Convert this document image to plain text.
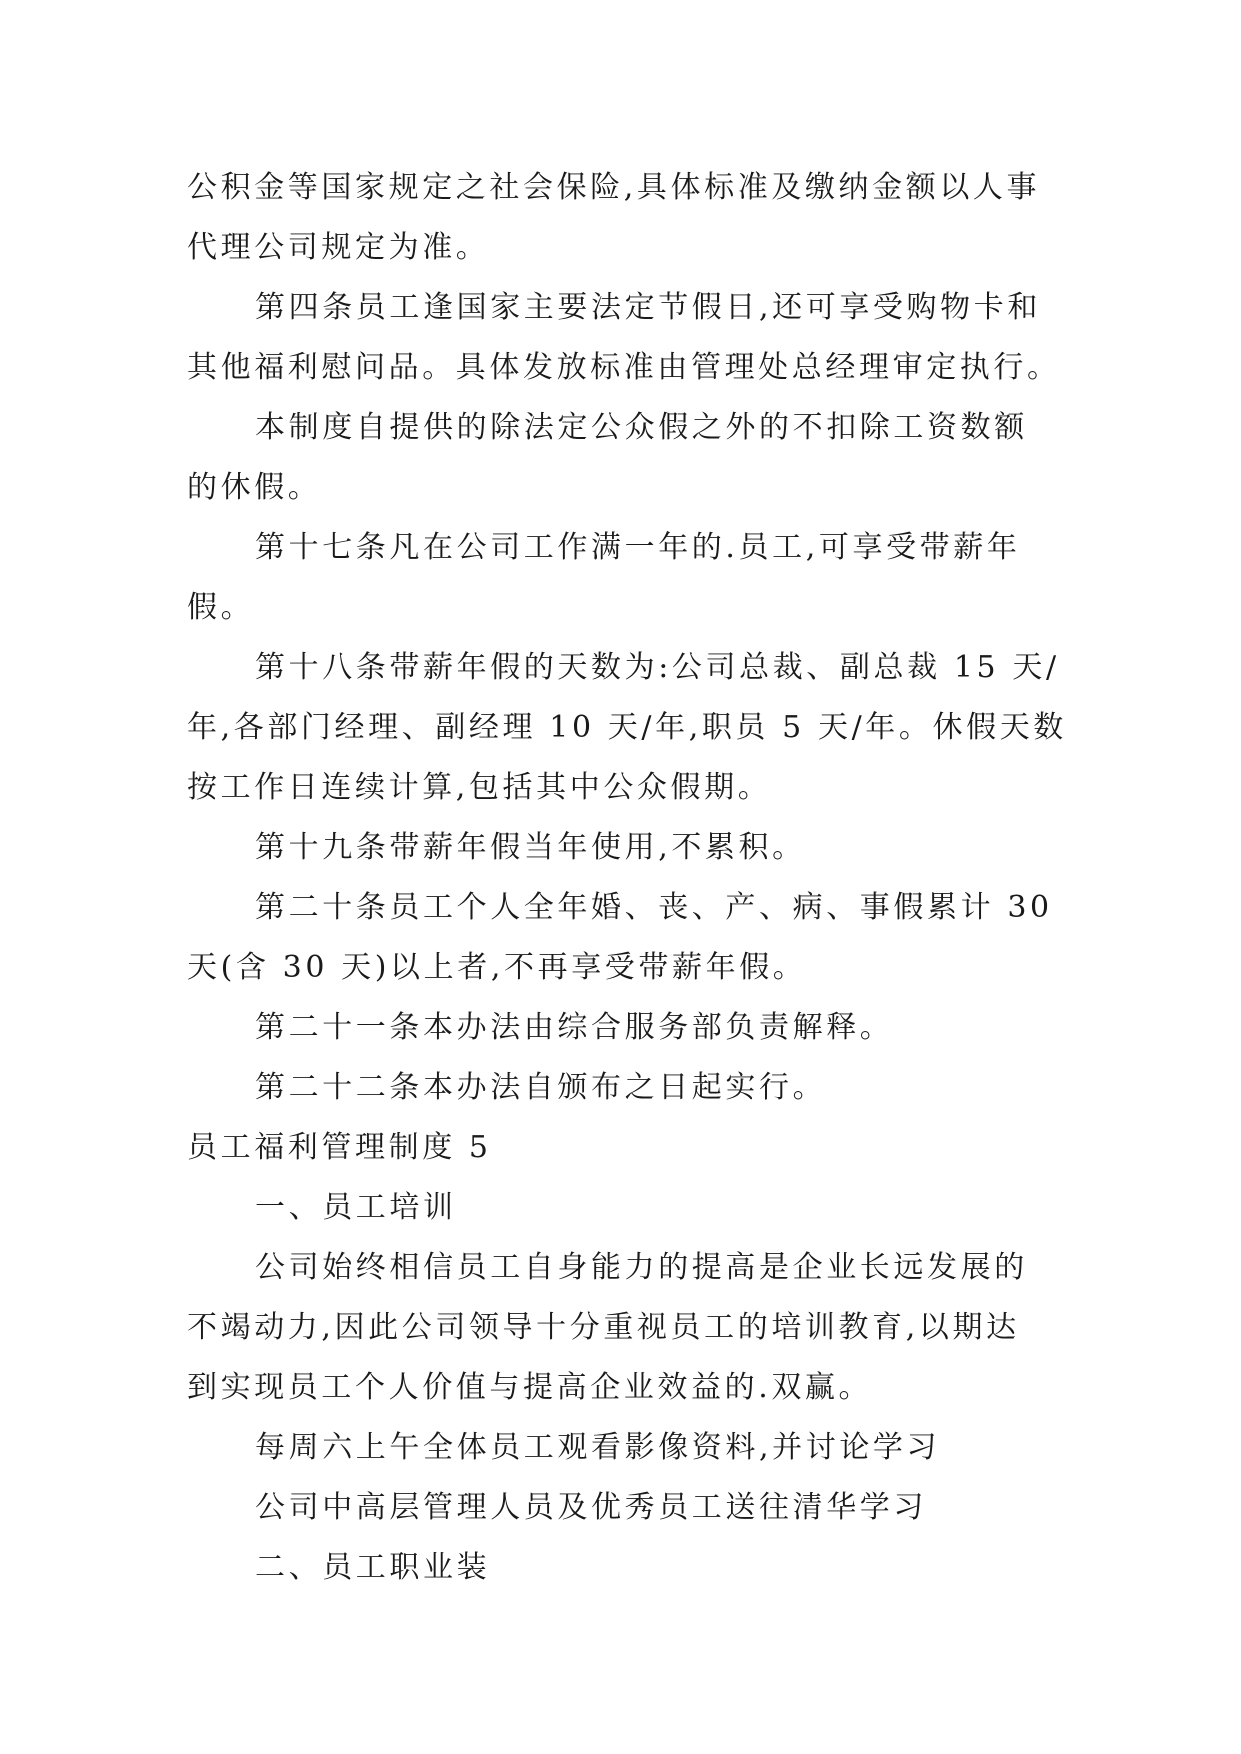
公积金等国家规定之社会保险,具体标准及缴纳金额以人事
代理公司规定为准。
第四条员工逢国家主要法定节假日,还可享受购物卡和
其他福利慰问品。具体发放标准由管理处总经理审定执行。
本制度自提供的除法定公众假之外的不扣除工资数额
的休假。
第十七条凡在公司工作满一年的.员工,可享受带薪年
假。
第十八条带薪年假的天数为:公司总裁、副总裁 15 天/
年,各部门经理、副经理 10 天/年,职员 5 天/年。休假天数
按工作日连续计算,包括其中公众假期。
第十九条带薪年假当年使用,不累积。
第二十条员工个人全年婚、丧、产、病、事假累计 30
天(含 30 天)以上者,不再享受带薪年假。
第二十一条本办法由综合服务部负责解释。
第二十二条本办法自颁布之日起实行。
员工福利管理制度 5
一、员工培训
公司始终相信员工自身能力的提高是企业长远发展的
不竭动力,因此公司领导十分重视员工的培训教育,以期达
到实现员工个人价值与提高企业效益的.双赢。
每周六上午全体员工观看影像资料,并讨论学习
公司中高层管理人员及优秀员工送往清华学习
二、员工职业装
